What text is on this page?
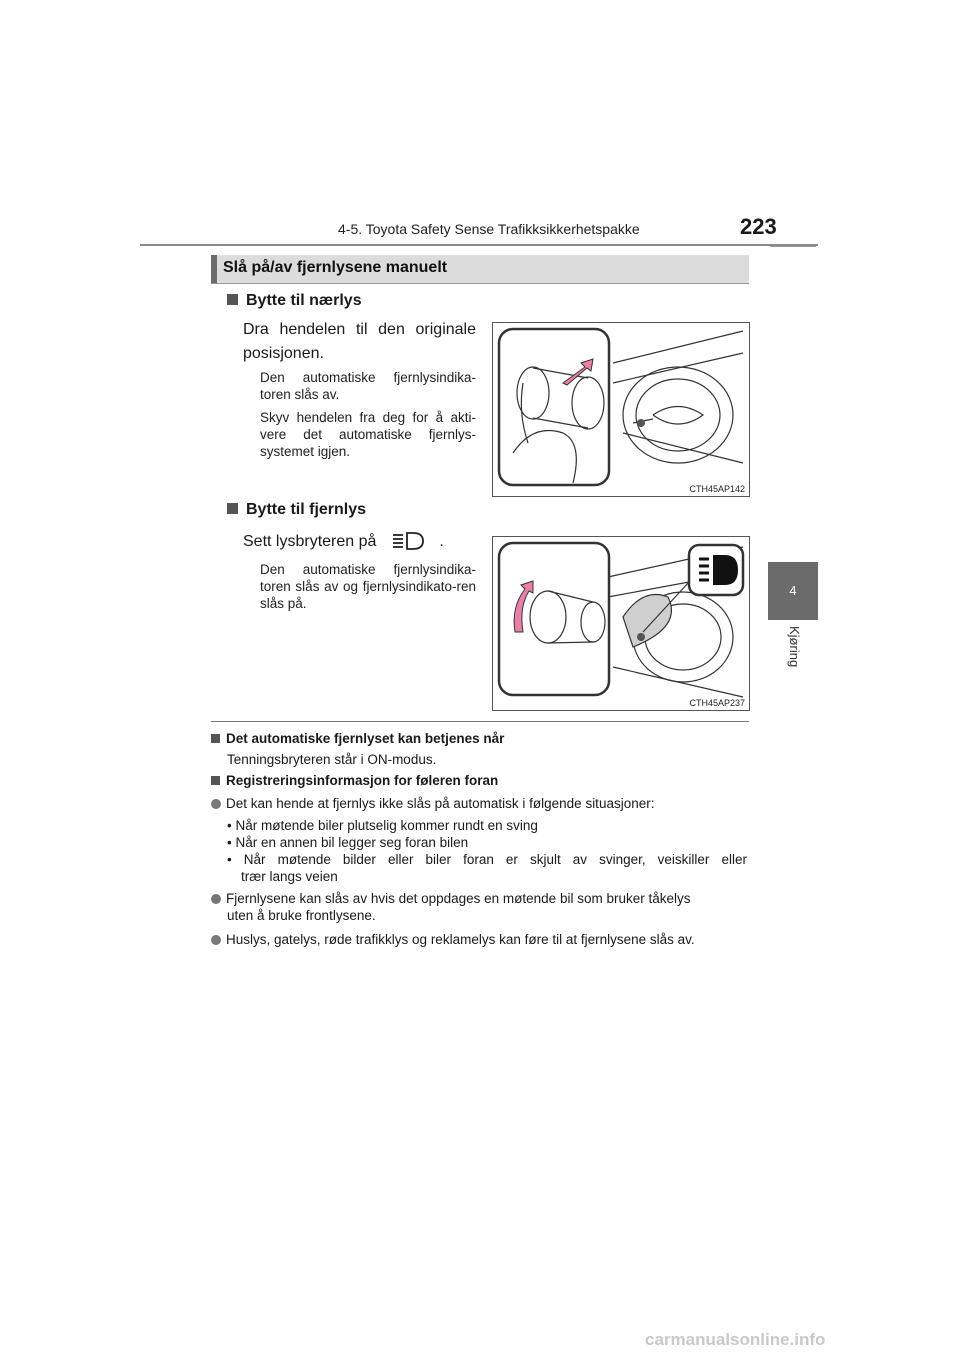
4-5. Toyota Safety Sense Trafikksikkerhetspakke	223
4
Kjøring
Slå på/av fjernlysene manuelt
Bytte til nærlys
Dra hendelen til den originale posisjonen.
Den automatiske fjernlysindika-toren slås av.
Skyv hendelen fra deg for å akti-vere det automatiske fjernlys-systemet igjen.
CTH45AP142
Bytte til fjernlys
Sett lysbryteren på	.
Den automatiske fjernlysindika-toren slås av og fjernlysindikato-ren slås på.
CTH45AP237
Det automatiske fjernlyset kan betjenes når
Tenningsbryteren står i ON-modus.
Registreringsinformasjon for føleren foran
Det kan hende at fjernlys ikke slås på automatisk i følgende situasjoner:
• Når møtende biler plutselig kommer rundt en sving
• Når en annen bil legger seg foran bilen
• Når møtende bilder eller biler foran er skjult av svinger, veiskiller eller
trær langs veien
Fjernlysene kan slås av hvis det oppdages en møtende bil som bruker tåkelys
uten å bruke frontlysene.
Huslys, gatelys, røde trafikklys og reklamelys kan føre til at fjernlysene slås av.
carmanualsonline.info
